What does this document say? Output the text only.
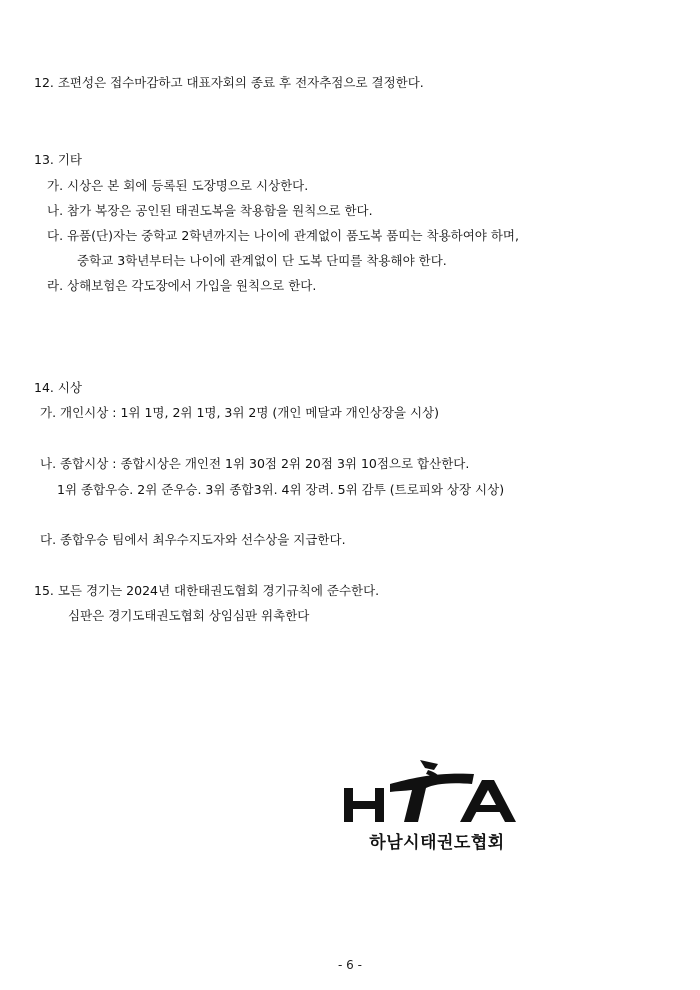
12. 조편성은 접수마감하고 대표자회의 종료 후 전자추점으로 결정한다.
13. 기타
가. 시상은 본 회에 등록된 도장명으로 시상한다.
나. 참가 복장은 공인된 태권도복을 착용함을 원칙으로 한다.
다. 유품(단)자는 중학교 2학년까지는 나이에 관계없이 품도복 품띠는 착용하여야 하며,
중학교 3학년부터는 나이에 관계없이 단 도복 단띠를 착용해야 한다.
라. 상해보험은 각도장에서 가입을 원칙으로 한다.
14. 시상
가. 개인시상 : 1위 1명, 2위 1명, 3위 2명 (개인 메달과 개인상장을 시상)
나. 종합시상 : 종합시상은 개인전 1위 30점 2위 20점 3위 10점으로 합산한다.
1위 종합우승. 2위 준우승. 3위 종합3위. 4위 장려. 5위 감투 (트로피와 상장 시상)
다. 종합우승 팀에서 최우수지도자와 선수상을 지급한다.
15. 모든 경기는 2024년 대한태권도협회 경기규칙에 준수한다.
심판은 경기도태권도협회 상임심판 위촉한다
하남시태권도협회
- 6 -
